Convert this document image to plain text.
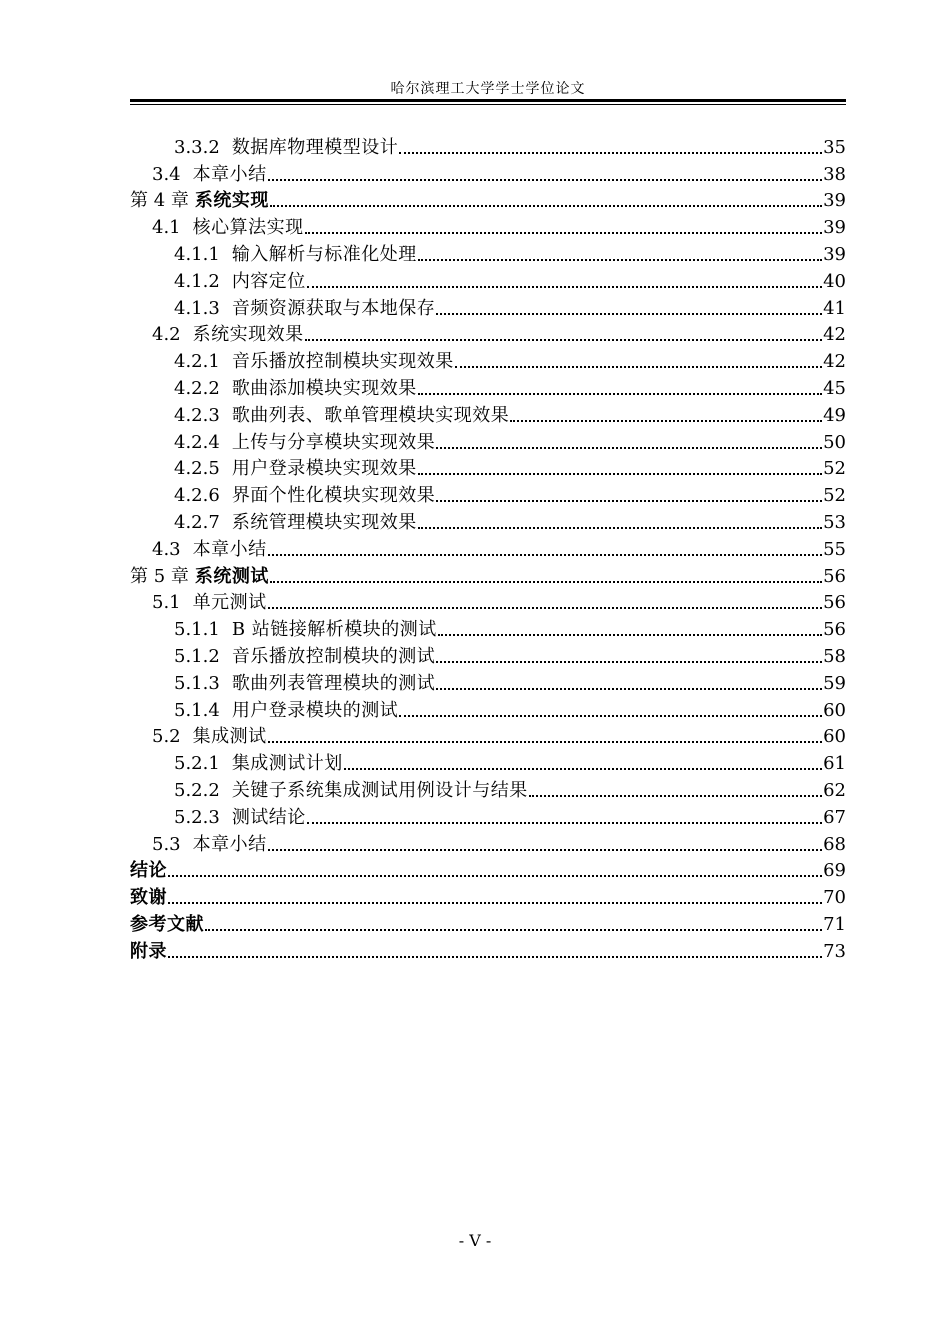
哈尔滨理工大学学士学位论文
3.3.2 数据库物理模型设计	35
3.4 本章小结	38
第 4 章 系统实现	39
4.1 核心算法实现	39
4.1.1 输入解析与标准化处理	39
4.1.2 内容定位	40
4.1.3 音频资源获取与本地保存	41
4.2 系统实现效果	42
4.2.1 音乐播放控制模块实现效果	42
4.2.2 歌曲添加模块实现效果	45
4.2.3 歌曲列表、歌单管理模块实现效果	49
4.2.4 上传与分享模块实现效果	50
4.2.5 用户登录模块实现效果	52
4.2.6 界面个性化模块实现效果	52
4.2.7 系统管理模块实现效果	53
4.3 本章小结	55
第 5 章 系统测试	56
5.1 单元测试	56
5.1.1 B 站链接解析模块的测试	56
5.1.2 音乐播放控制模块的测试	58
5.1.3 歌曲列表管理模块的测试	59
5.1.4 用户登录模块的测试	60
5.2 集成测试	60
5.2.1 集成测试计划	61
5.2.2 关键子系统集成测试用例设计与结果	62
5.2.3 测试结论	67
5.3 本章小结	68
结论	69
致谢	70
参考文献	71
附录	73
- V -
